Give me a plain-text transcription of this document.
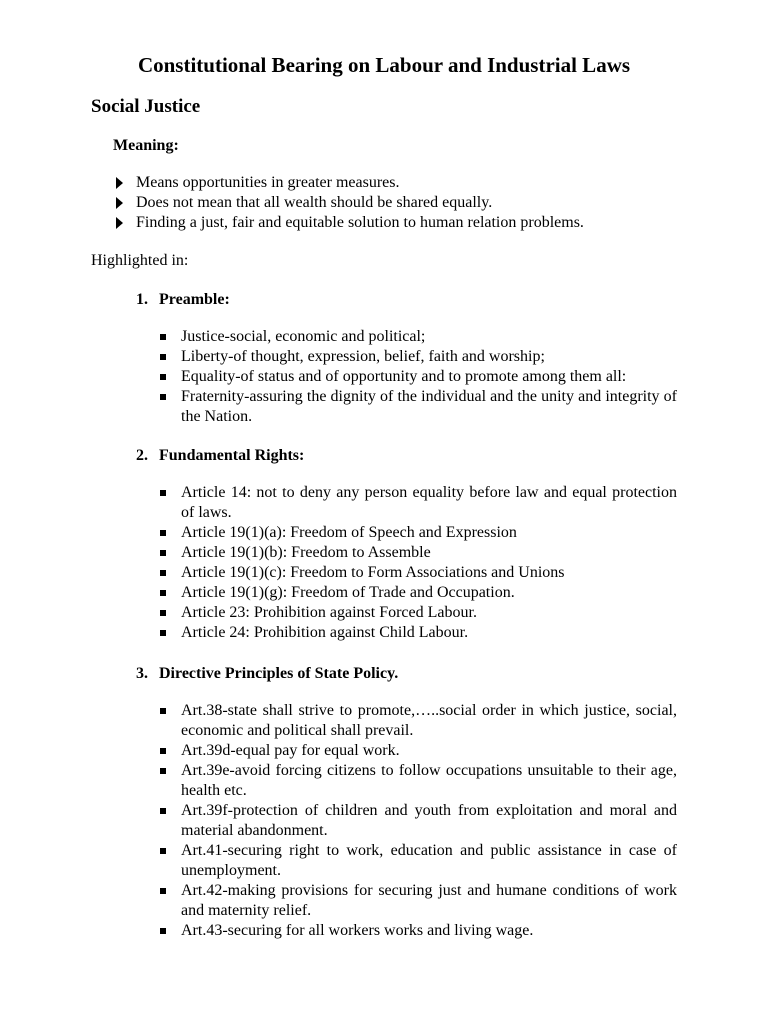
Constitutional Bearing on Labour and Industrial Laws
Social Justice
Meaning:
Means opportunities in greater measures.
Does not mean that all wealth should be shared equally.
Finding a just, fair and equitable solution to human relation problems.
Highlighted in:
1. Preamble:
Justice-social, economic and political;
Liberty-of thought, expression, belief, faith and worship;
Equality-of status and of opportunity and to promote among them all:
Fraternity-assuring the dignity of the individual and the unity and integrity of the Nation.
2. Fundamental Rights:
Article 14: not to deny any person equality before law and equal protection of laws.
Article 19(1)(a): Freedom of Speech and Expression
Article 19(1)(b): Freedom to Assemble
Article 19(1)(c): Freedom to Form Associations and Unions
Article 19(1)(g): Freedom of Trade and Occupation.
Article 23: Prohibition against Forced Labour.
Article 24: Prohibition against Child Labour.
3. Directive Principles of State Policy.
Art.38-state shall strive to promote,…..social order in which justice, social, economic and political shall prevail.
Art.39d-equal pay for equal work.
Art.39e-avoid forcing citizens to follow occupations unsuitable to their age, health etc.
Art.39f-protection of children and youth from exploitation and moral and material abandonment.
Art.41-securing right to work, education and public assistance in case of unemployment.
Art.42-making provisions for securing just and humane conditions of work and maternity relief.
Art.43-securing for all workers works and living wage.
